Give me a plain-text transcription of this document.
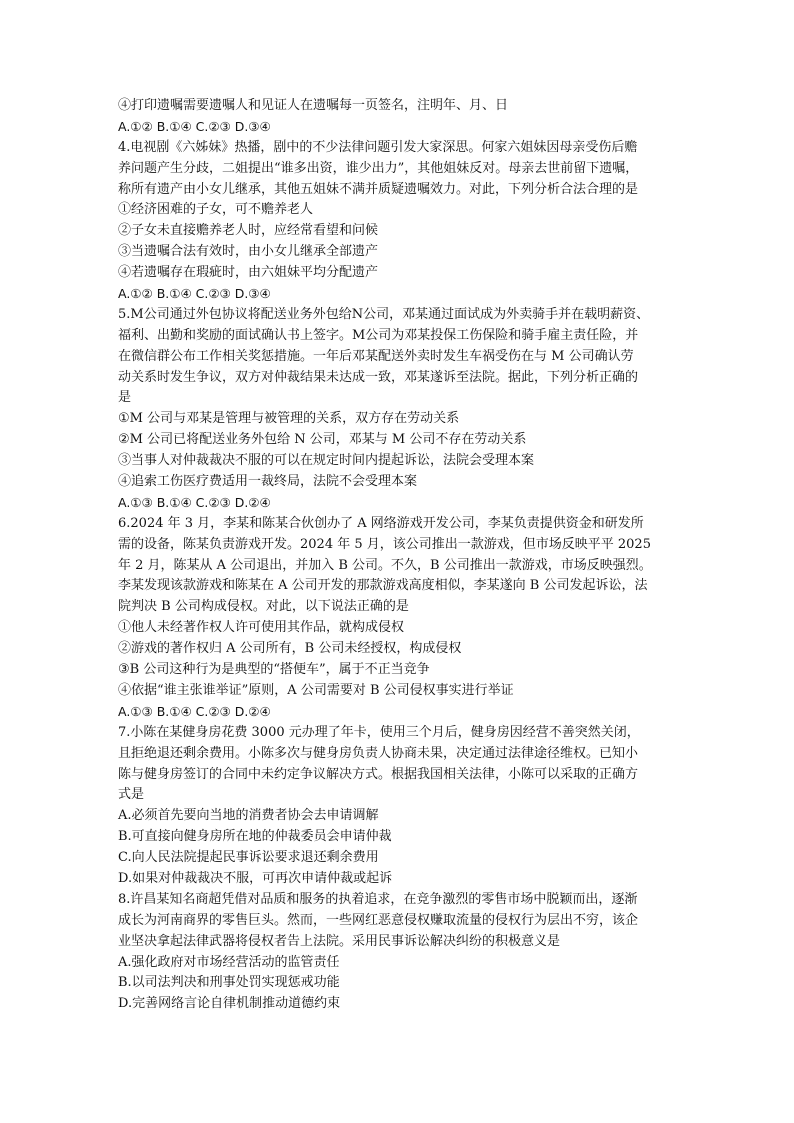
④打印遗嘱需要遗嘱人和见证人在遗嘱每一页签名，注明年、月、日
A.①② B.①④ C.②③ D.③④
4.电视剧《六姊妹》热播，剧中的不少法律问题引发大家深思。何家六姐妹因母亲受伤后赡
养问题产生分歧，二姐提出“谁多出资，谁少出力”，其他姐妹反对。母亲去世前留下遗嘱，
称所有遗产由小女儿继承，其他五姐妹不满并质疑遗嘱效力。对此，下列分析合法合理的是
①经济困难的子女，可不赡养老人
②子女未直接赡养老人时，应经常看望和问候
③当遗嘱合法有效时，由小女儿继承全部遗产
④若遗嘱存在瑕疵时，由六姐妹平均分配遗产
A.①② B.①④ C.②③ D.③④
5.M公司通过外包协议将配送业务外包给N公司，邓某通过面试成为外卖骑手并在载明薪资、
福利、出勤和奖励的面试确认书上签字。M公司为邓某投保工伤保险和骑手雇主责任险，并
在微信群公布工作相关奖惩措施。一年后邓某配送外卖时发生车祸受伤在与 M 公司确认劳
动关系时发生争议，双方对仲裁结果未达成一致，邓某遂诉至法院。据此，下列分析正确的
是
①M 公司与邓某是管理与被管理的关系，双方存在劳动关系
②M 公司已将配送业务外包给 N 公司，邓某与 M 公司不存在劳动关系
③当事人对仲裁裁决不服的可以在规定时间内提起诉讼，法院会受理本案
④追索工伤医疗费适用一裁终局，法院不会受理本案
A.①③ B.①④ C.②③ D.②④
6.2024 年 3 月，李某和陈某合伙创办了 A 网络游戏开发公司，李某负责提供资金和研发所
需的设备，陈某负责游戏开发。2024 年 5 月，该公司推出一款游戏，但市场反映平平 2025
年 2 月，陈某从 A 公司退出，并加入 B 公司。不久，B 公司推出一款游戏，市场反映强烈。
李某发现该款游戏和陈某在 A 公司开发的那款游戏高度相似，李某遂向 B 公司发起诉讼，法
院判决 B 公司构成侵权。对此，以下说法正确的是
①他人未经著作权人许可使用其作品，就构成侵权
②游戏的著作权归 A 公司所有，B 公司未经授权，构成侵权
③B 公司这种行为是典型的“搭便车”，属于不正当竞争
④依据“谁主张谁举证”原则，A 公司需要对 B 公司侵权事实进行举证
A.①③ B.①④ C.②③ D.②④
7.小陈在某健身房花费 3000 元办理了年卡，使用三个月后，健身房因经营不善突然关闭，
且拒绝退还剩余费用。小陈多次与健身房负责人协商未果，决定通过法律途径维权。已知小
陈与健身房签订的合同中未约定争议解决方式。根据我国相关法律，小陈可以采取的正确方
式是
A.必须首先要向当地的消费者协会去申请调解
B.可直接向健身房所在地的仲裁委员会申请仲裁
C.向人民法院提起民事诉讼要求退还剩余费用
D.如果对仲裁裁决不服，可再次申请仲裁或起诉
8.许昌某知名商超凭借对品质和服务的执着追求，在竞争激烈的零售市场中脱颖而出，逐渐
成长为河南商界的零售巨头。然而，一些网红恶意侵权赚取流量的侵权行为层出不穷，该企
业坚决拿起法律武器将侵权者告上法院。采用民事诉讼解决纠纷的积极意义是
A.强化政府对市场经营活动的监管责任
B.以司法判决和刑事处罚实现惩戒功能
D.完善网络言论自律机制推动道德约束
